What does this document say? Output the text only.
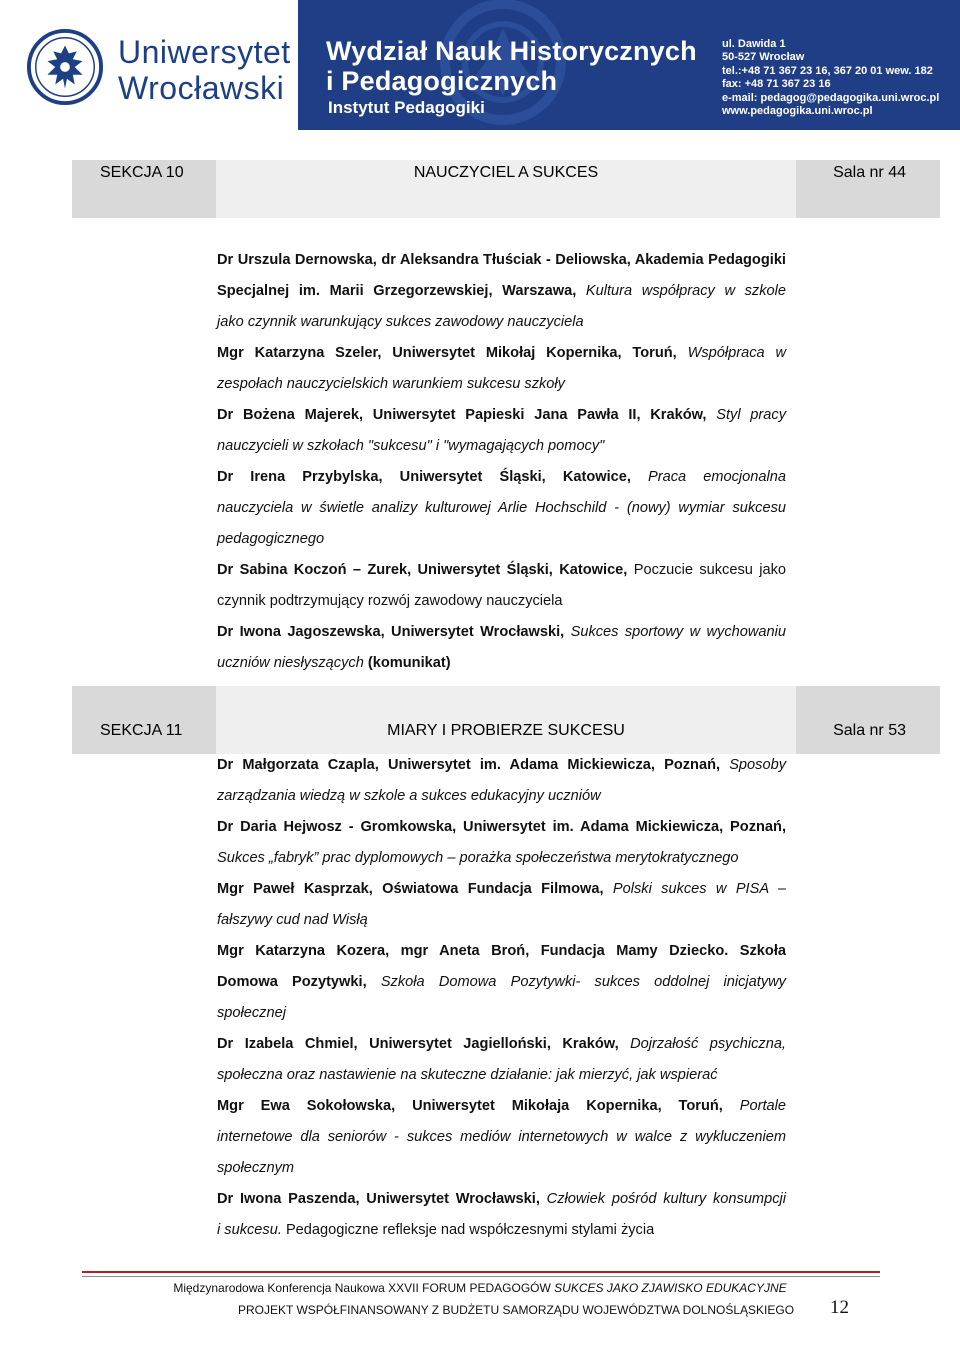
Uniwersytet
Wrocławski
Wydział Nauk Historycznych
i Pedagogicznych
Instytut Pedagogiki
ul. Dawida 1
50-527 Wrocław
tel.:+48 71 367 23 16, 367 20 01 wew. 182
fax: +48 71 367 23 16
e-mail: pedagog@pedagogika.uni.wroc.pl
www.pedagogika.uni.wroc.pl
SEKCJA 10	NAUCZYCIEL A SUKCES	Sala nr 44
Dr Urszula Dernowska, dr Aleksandra Tłuściak - Deliowska, Akademia Pedagogiki
Specjalnej im. Marii Grzegorzewskiej, Warszawa, Kultura współpracy w szkole
jako czynnik warunkujący sukces zawodowy nauczyciela
Mgr Katarzyna Szeler, Uniwersytet Mikołaj Kopernika, Toruń, Współpraca w
zespołach nauczycielskich warunkiem sukcesu szkoły
Dr Bożena Majerek, Uniwersytet Papieski Jana Pawła II, Kraków, Styl pracy
nauczycieli w szkołach "sukcesu" i "wymagających pomocy"
Dr Irena Przybylska, Uniwersytet Śląski, Katowice, Praca emocjonalna
nauczyciela w świetle analizy kulturowej Arlie Hochschild - (nowy) wymiar sukcesu
pedagogicznego
Dr Sabina Koczoń – Zurek, Uniwersytet Śląski, Katowice, Poczucie sukcesu jako
czynnik podtrzymujący rozwój zawodowy nauczyciela
Dr Iwona Jagoszewska, Uniwersytet Wrocławski, Sukces sportowy w wychowaniu
uczniów niesłyszących (komunikat)
SEKCJA 11	MIARY I PROBIERZE SUKCESU	Sala nr 53
Dr Małgorzata Czapla, Uniwersytet im. Adama Mickiewicza, Poznań, Sposoby
zarządzania wiedzą w szkole a sukces edukacyjny uczniów
Dr Daria Hejwosz - Gromkowska, Uniwersytet im. Adama Mickiewicza, Poznań,
Sukces „fabryk” prac dyplomowych – porażka społeczeństwa merytokratycznego
Mgr Paweł Kasprzak, Oświatowa Fundacja Filmowa, Polski sukces w PISA –
fałszywy cud nad Wisłą
Mgr Katarzyna Kozera, mgr Aneta Broń, Fundacja Mamy Dziecko. Szkoła
Domowa Pozytywki, Szkoła Domowa Pozytywki- sukces oddolnej inicjatywy
społecznej
Dr Izabela Chmiel, Uniwersytet Jagielloński, Kraków, Dojrzałość psychiczna,
społeczna oraz nastawienie na skuteczne działanie: jak mierzyć, jak wspierać
Mgr Ewa Sokołowska, Uniwersytet Mikołaja Kopernika, Toruń, Portale
internetowe dla seniorów - sukces mediów internetowych w walce z wykluczeniem
społecznym
Dr Iwona Paszenda, Uniwersytet Wrocławski, Człowiek pośród kultury konsumpcji
i sukcesu. Pedagogiczne refleksje nad współczesnymi stylami życia
Międzynarodowa Konferencja Naukowa XXVII FORUM PEDAGOGÓW SUKCES JAKO ZJAWISKO EDUKACYJNE
PROJEKT WSPÓŁFINANSOWANY Z BUDŻETU SAMORZĄDU WOJEWÓDZTWA DOLNOŚLĄSKIEGO 12
